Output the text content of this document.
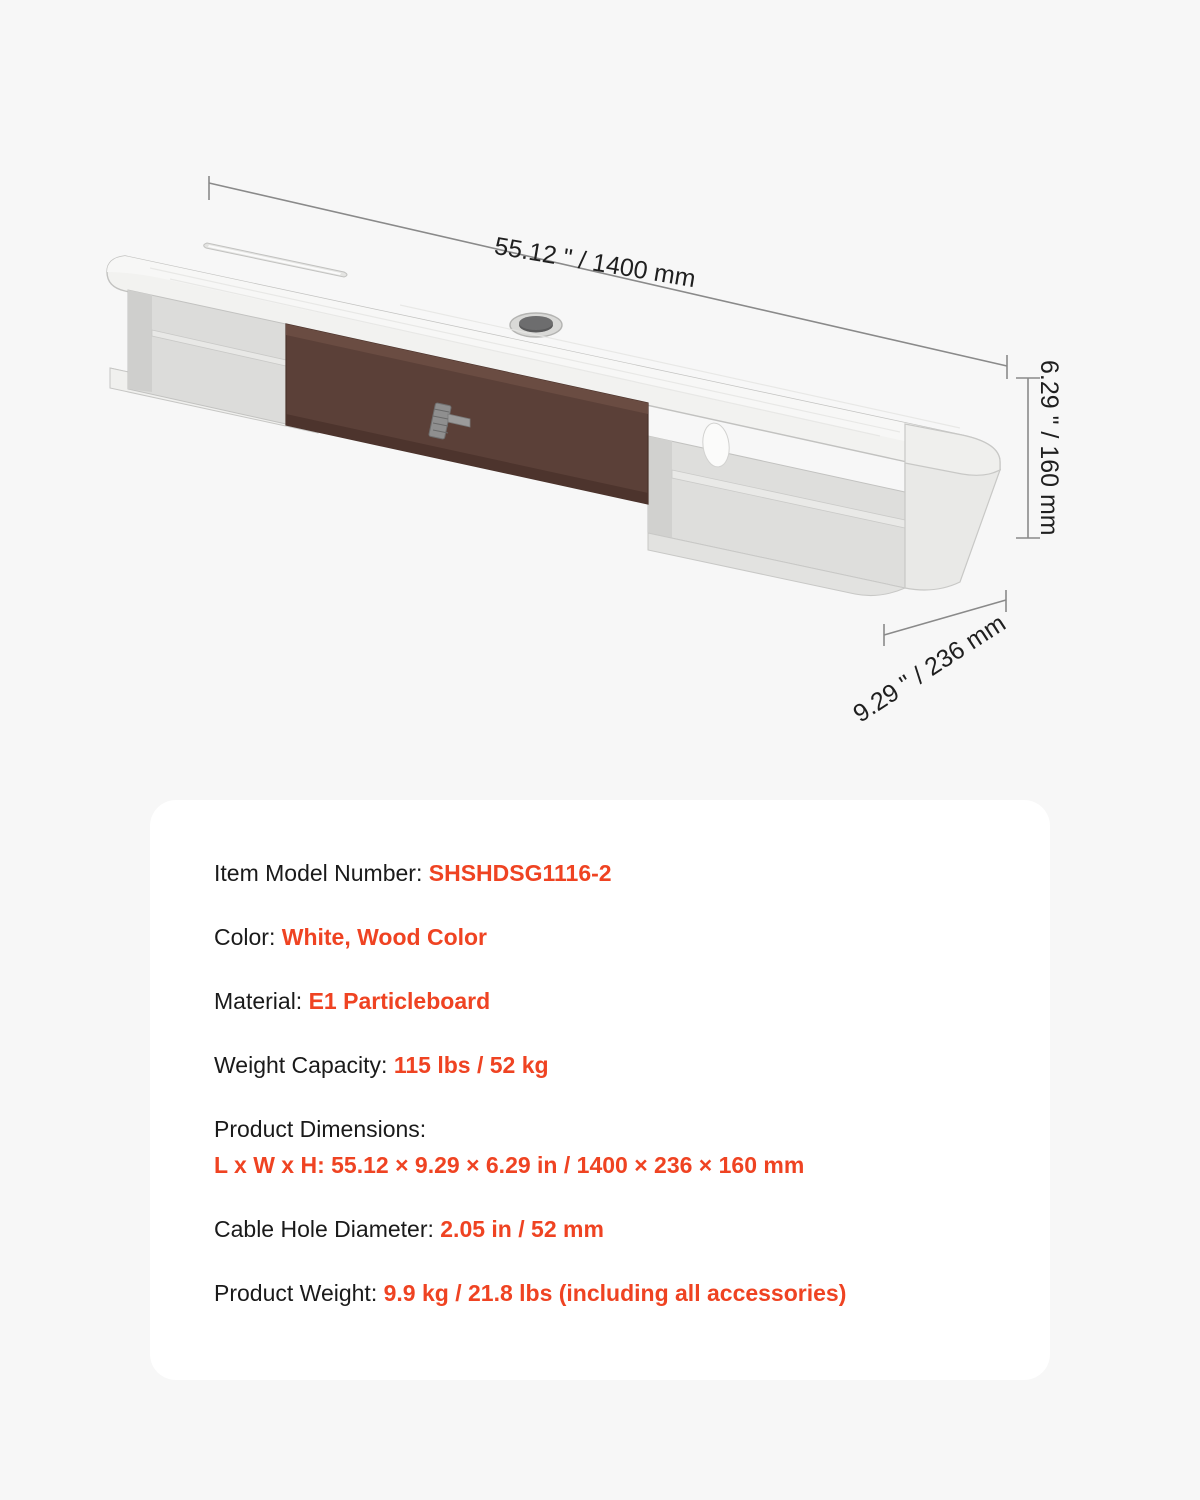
55.12 " / 1400 mm
6.29 " / 160 mm
9.29 " / 236 mm
Item Model Number: SHSHDSG1116-2
Color: White, Wood Color
Material: E1 Particleboard
Weight Capacity: 115 lbs / 52 kg
Product Dimensions:
L x W x H: 55.12 × 9.29 × 6.29 in / 1400 × 236 × 160 mm
Cable Hole Diameter: 2.05 in / 52 mm
Product Weight: 9.9 kg / 21.8 lbs (including all accessories)
